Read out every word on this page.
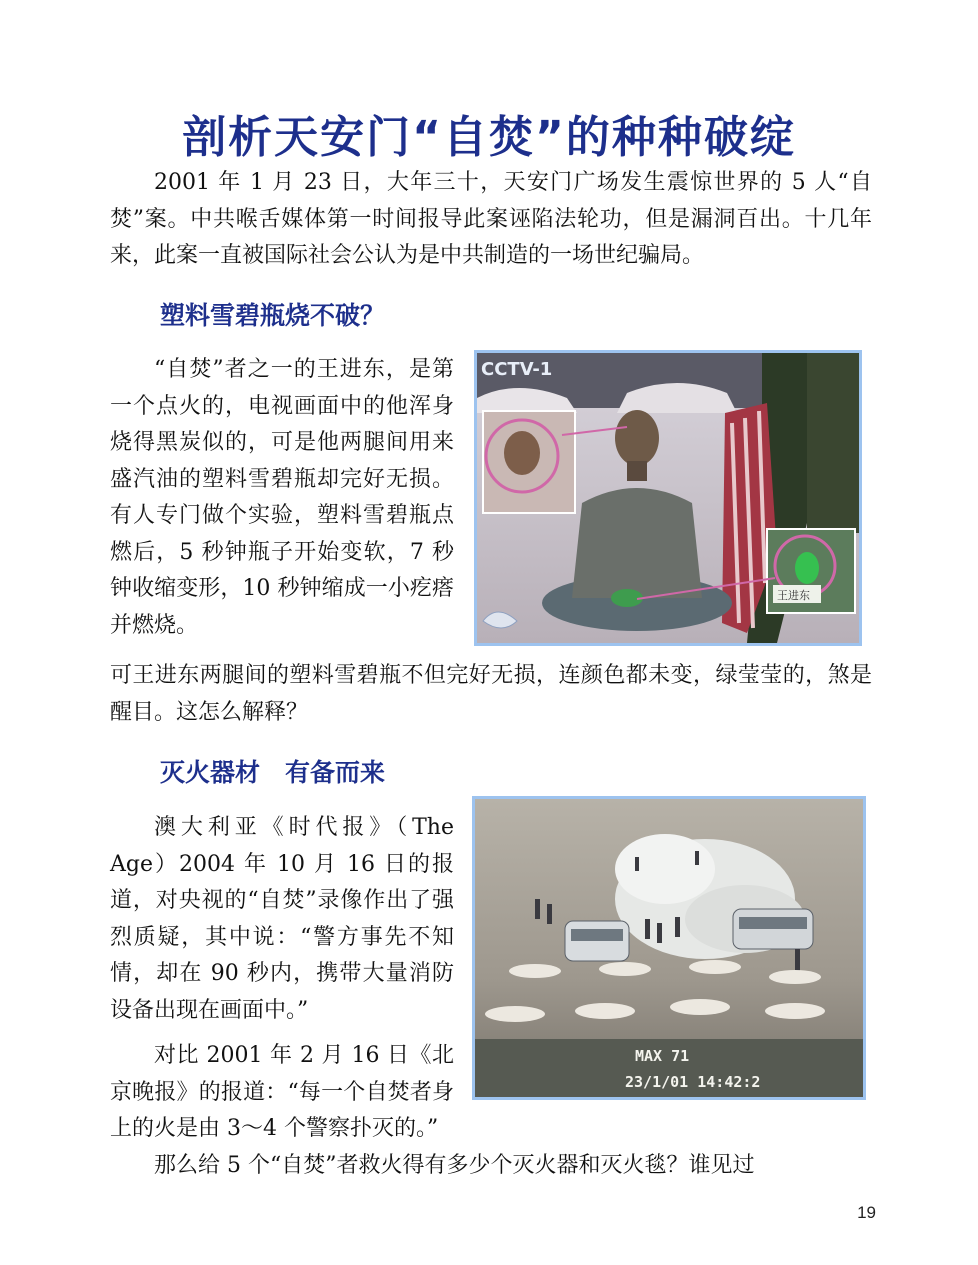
剖析天安门“自焚”的种种破绽

2001 年 1 月 23 日，大年三十，天安门广场发生震惊世界的 5 人“自焚”案。中共喉舌媒体第一时间报导此案诬陷法轮功，但是漏洞百出。十几年来，此案一直被国际社会公认为是中共制造的一场世纪骗局。

塑料雪碧瓶烧不破？

“自焚”者之一的王进东，是第一个点火的，电视画面中的他浑身烧得黑炭似的，可是他两腿间用来盛汽油的塑料雪碧瓶却完好无损。有人专门做个实验，塑料雪碧瓶点燃后，5 秒钟瓶子开始变软，7 秒钟收缩变形，10 秒钟缩成一小疙瘩并燃烧。

王进东
CCTV-1

可王进东两腿间的塑料雪碧瓶不但完好无损，连颜色都未变，绿莹莹的，煞是醒目。这怎么解释？

灭火器材　有备而来

澳大利亚《时代报》（The Age）2004 年 10 月 16 日的报道，对央视的“自焚”录像作出了强烈质疑，其中说：“警方事先不知情，却在 90 秒内，携带大量消防设备出现在画面中。”

MAX 71
23/1/01 14:42:2

对比 2001 年 2 月 16 日《北京晚报》的报道：“每一个自焚者身上的火是由 3～4 个警察扑灭的。”

那么给 5 个“自焚”者救火得有多少个灭火器和灭火毯？谁见过

19
